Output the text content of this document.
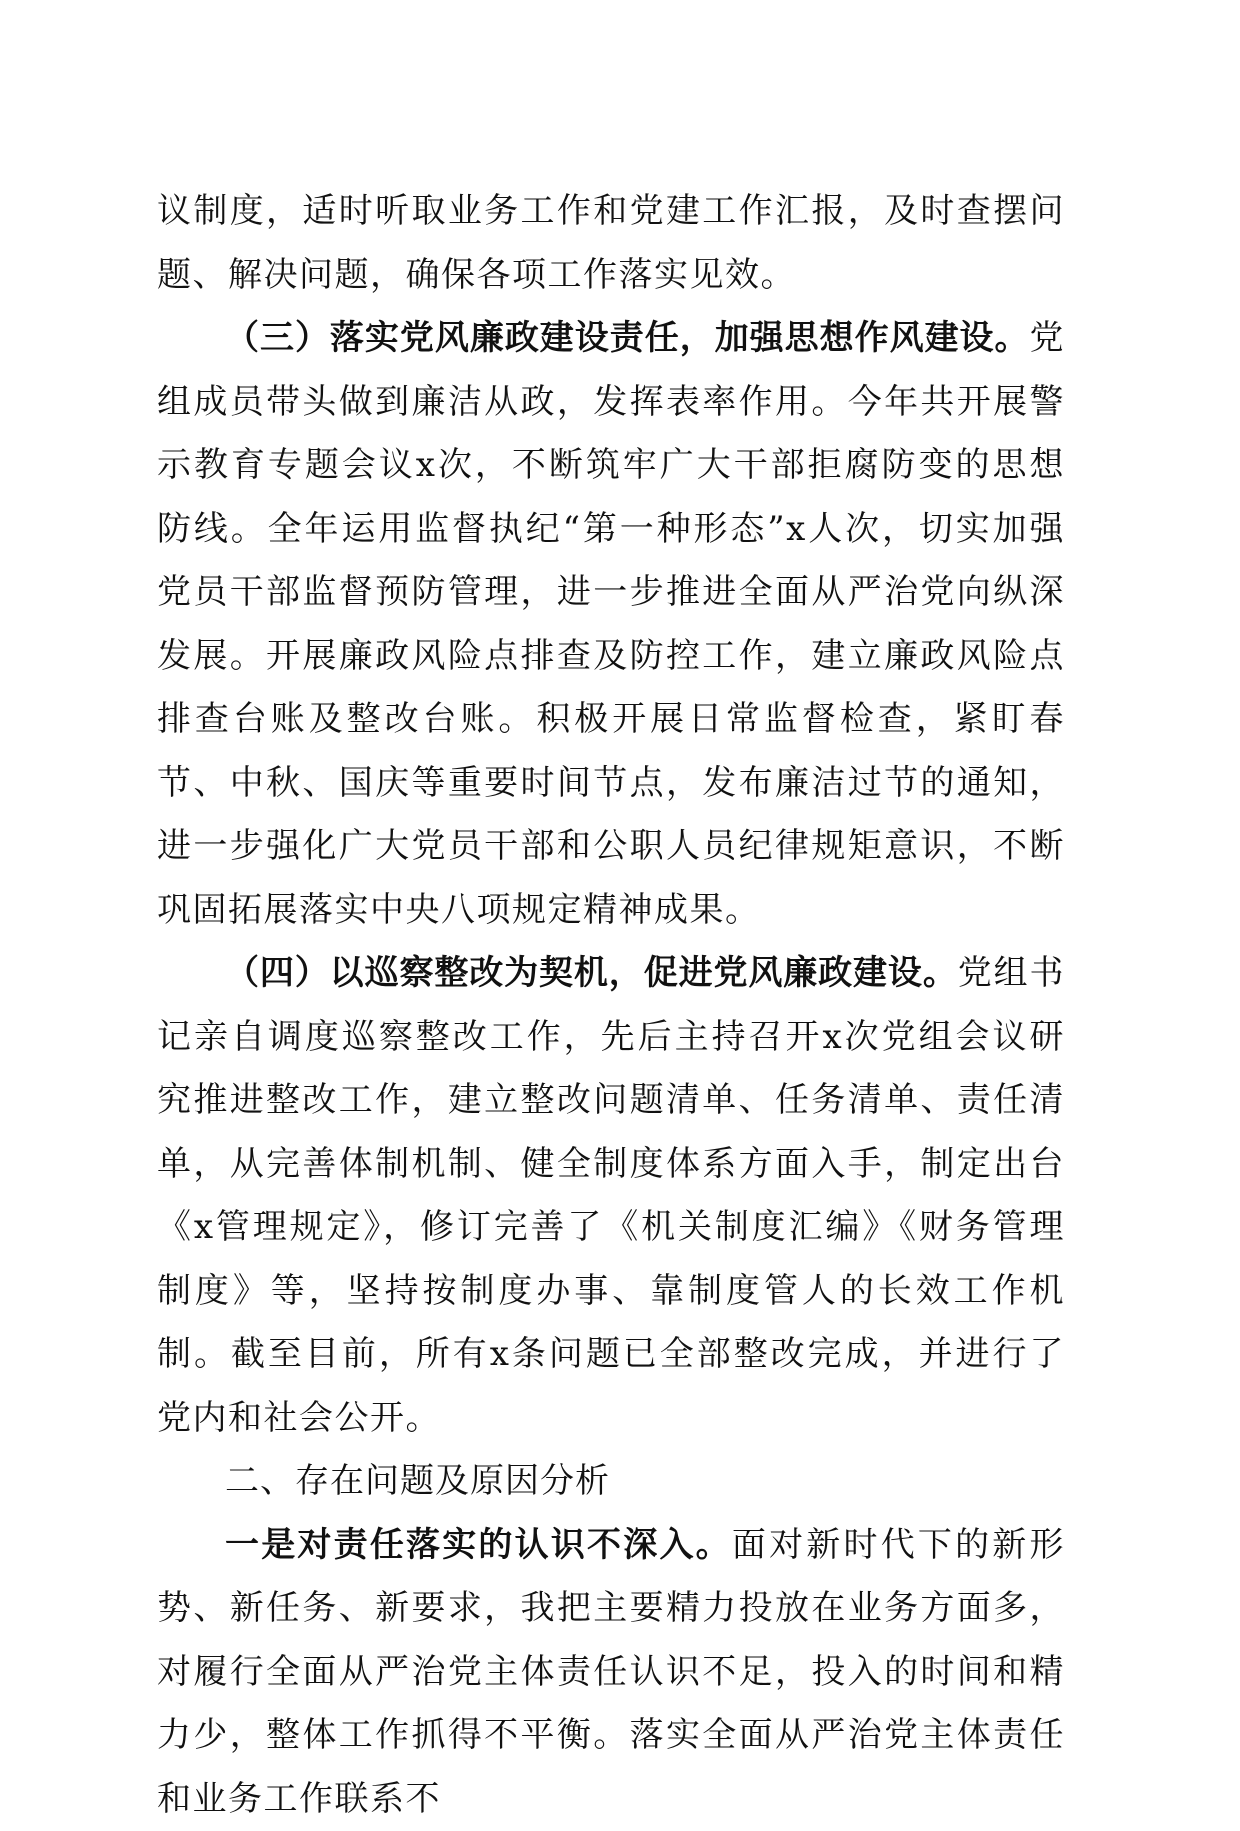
议制度，适时听取业务工作和党建工作汇报，及时查摆问题、解决问题，确保各项工作落实见效。

（三）落实党风廉政建设责任，加强思想作风建设。党组成员带头做到廉洁从政，发挥表率作用。今年共开展警示教育专题会议x次，不断筑牢广大干部拒腐防变的思想防线。全年运用监督执纪“第一种形态”x人次，切实加强党员干部监督预防管理，进一步推进全面从严治党向纵深发展。开展廉政风险点排查及防控工作，建立廉政风险点排查台账及整改台账。积极开展日常监督检查，紧盯春节、中秋、国庆等重要时间节点，发布廉洁过节的通知，进一步强化广大党员干部和公职人员纪律规矩意识，不断巩固拓展落实中央八项规定精神成果。

（四）以巡察整改为契机，促进党风廉政建设。党组书记亲自调度巡察整改工作，先后主持召开x次党组会议研究推进整改工作，建立整改问题清单、任务清单、责任清单，从完善体制机制、健全制度体系方面入手，制定出台《x管理规定》，修订完善了《机关制度汇编》《财务管理制度》等，坚持按制度办事、靠制度管人的长效工作机制。截至目前，所有x条问题已全部整改完成，并进行了党内和社会公开。

二、存在问题及原因分析

一是对责任落实的认识不深入。面对新时代下的新形势、新任务、新要求，我把主要精力投放在业务方面多，对履行全面从严治党主体责任认识不足，投入的时间和精力少，整体工作抓得不平衡。落实全面从严治党主体责任和业务工作联系不
